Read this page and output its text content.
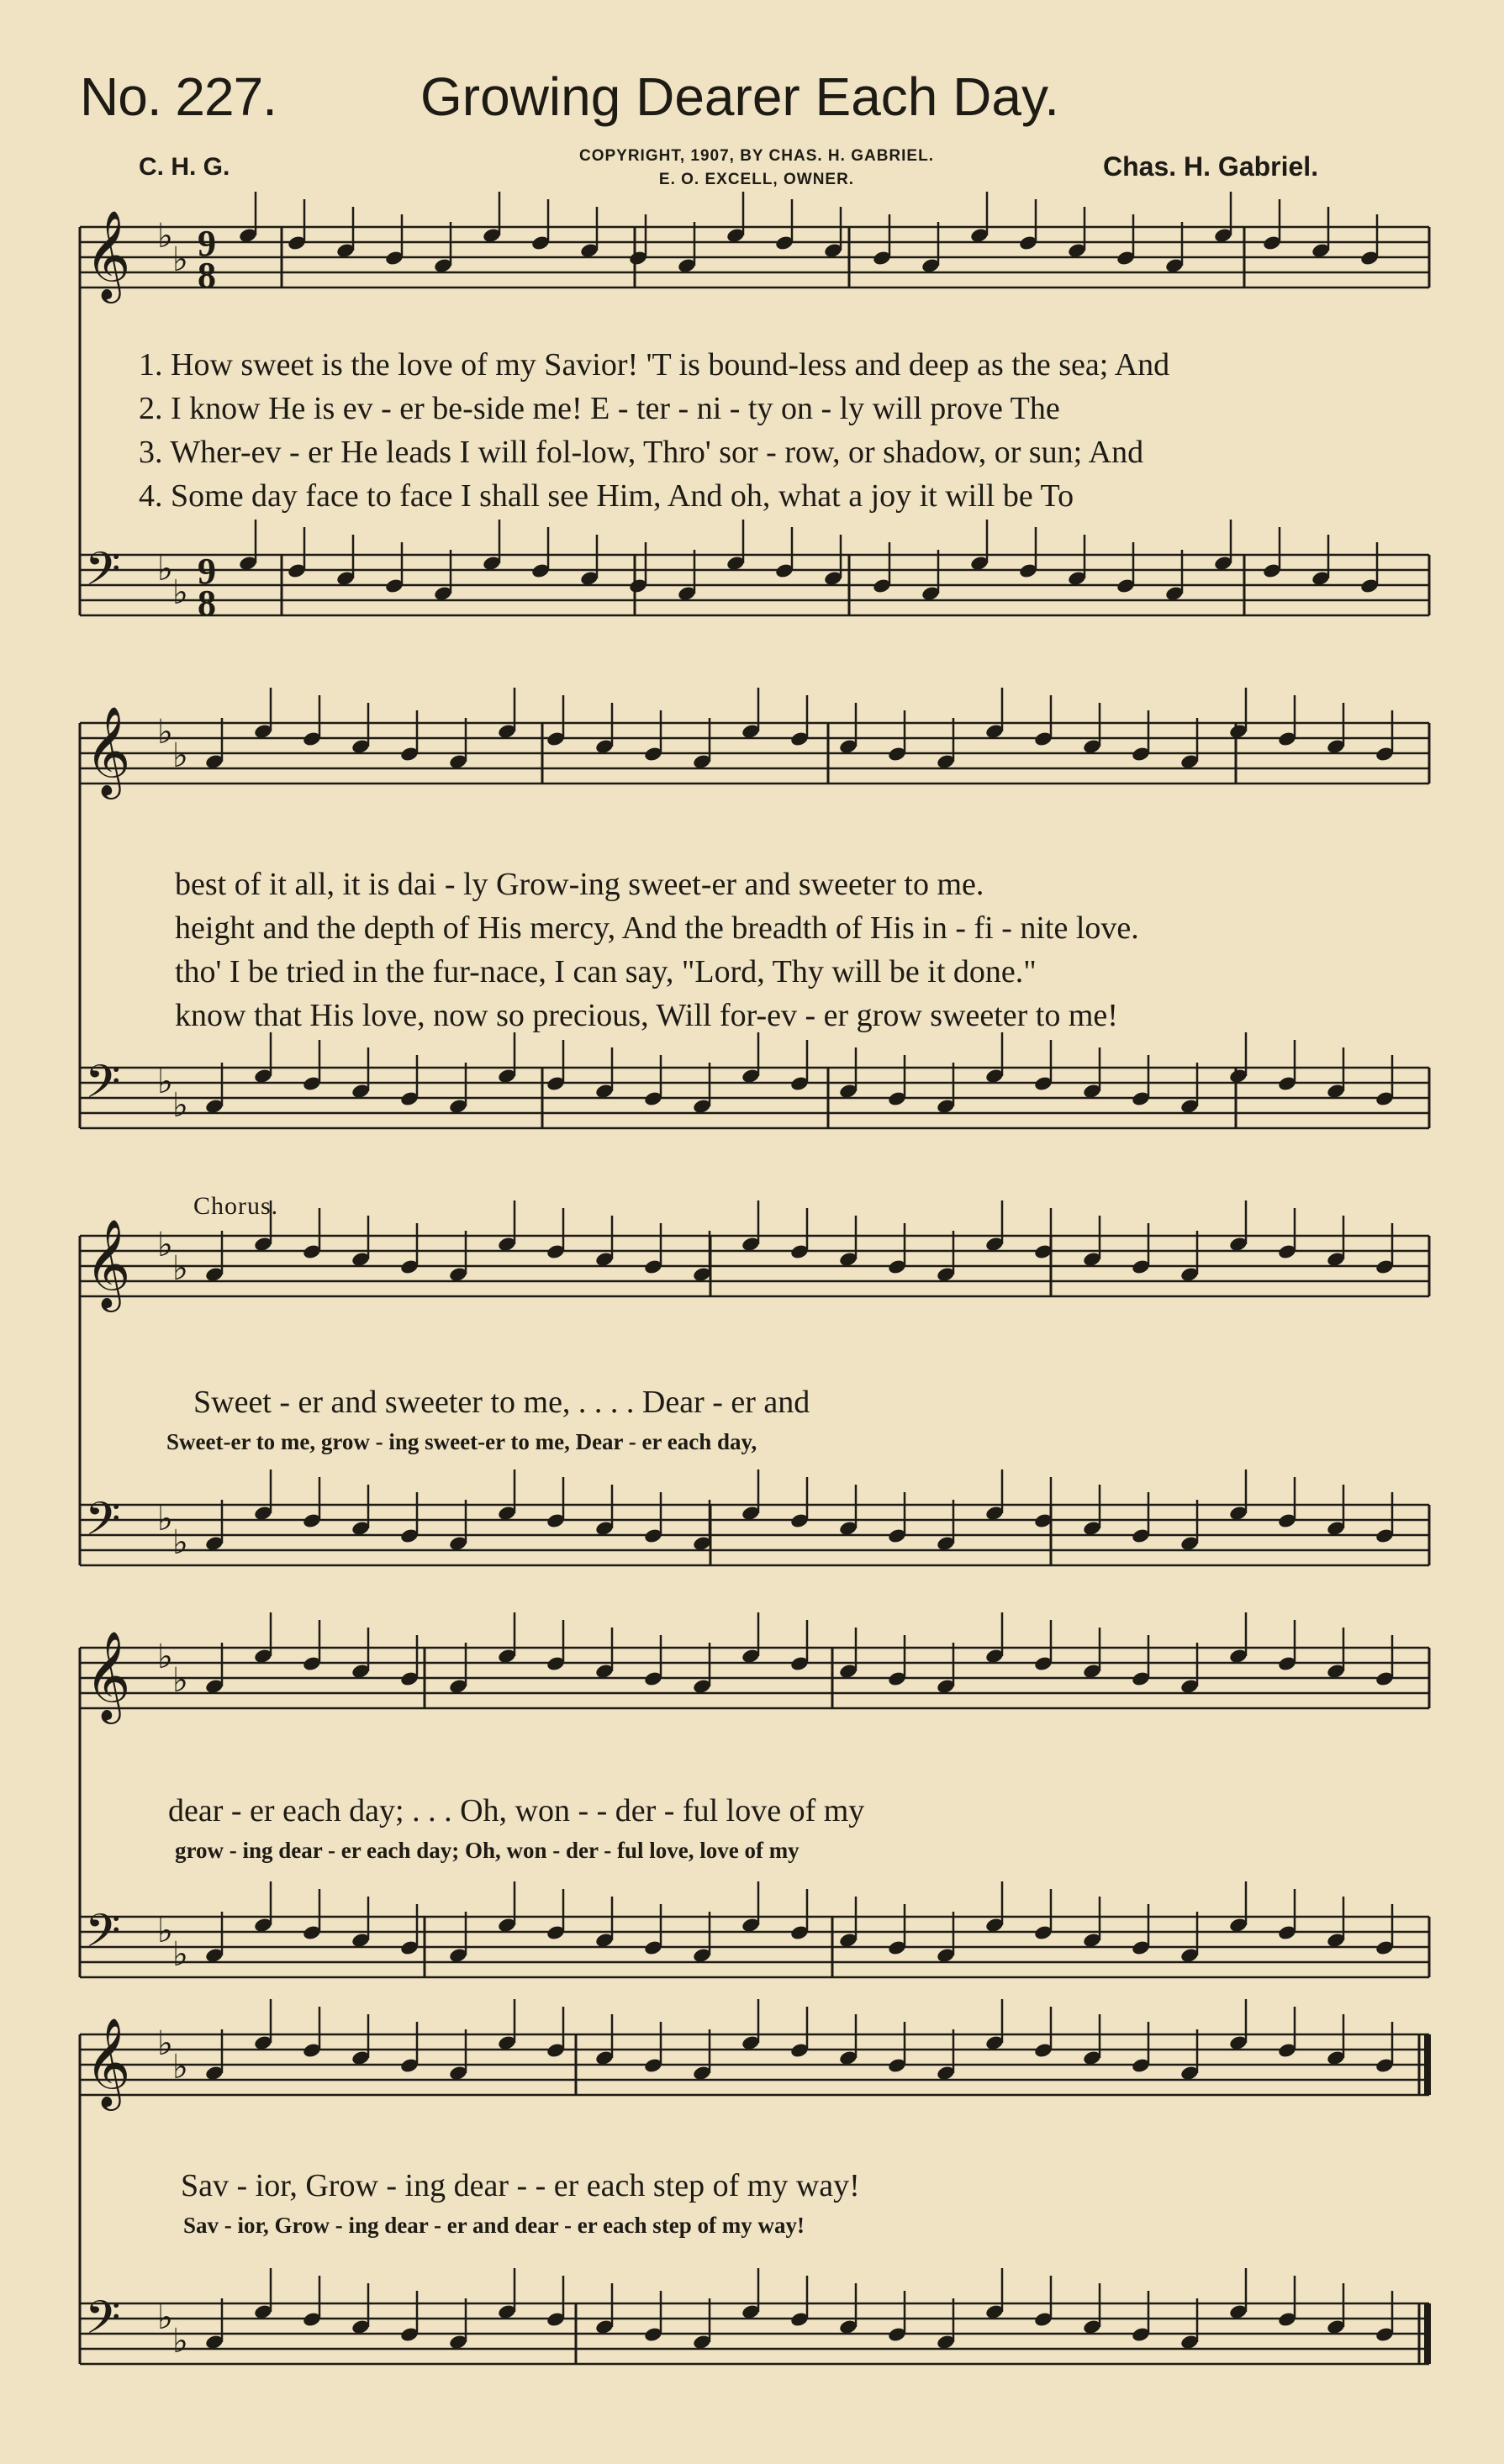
No. 227.	Growing Dearer Each Day.
C. H. G.	COPYRIGHT, 1907, BY CHAS. H. GABRIEL.
E. O. EXCELL, OWNER.	Chas. H. Gabriel.
𝄞 ♭
♭ 9
8
𝄢 ♭
♭
9
8
𝄞 ♭
♭
𝄢 ♭
♭
𝄞 ♭
♭
𝄢 ♭
♭
𝄞 ♭
♭
𝄢 ♭
♭
𝄞 ♭
♭
𝄢 ♭
♭
1. How sweet is the love of my Savior! 'T is bound-less and deep as the sea; And
2. I know He is ev - er be-side me! E - ter - ni - ty on - ly will prove The
3. Wher-ev - er He leads I will fol-low, Thro' sor - row, or shadow, or sun; And
4. Some day face to face I shall see Him, And oh, what a joy it will be To
best of it all, it is dai - ly Grow-ing sweet-er and sweeter to me.
height and the depth of His mercy, And the breadth of His in - fi - nite love.
tho' I be tried in the fur-nace, I can say, "Lord, Thy will be it done."
know that His love, now so precious, Will for-ev - er grow sweeter to me!
Chorus.
Sweet - er and sweeter to me, . . . . Dear - er and
Sweet-er to me, grow - ing sweet-er to me, Dear - er each day,
dear - er each day; . . . Oh, won - - der - ful love of my
grow - ing dear - er each day; Oh, won - der - ful love, love of my
Sav - ior, Grow - ing dear - - er each step of my way!
Sav - ior, Grow - ing dear - er and dear - er each step of my way!
